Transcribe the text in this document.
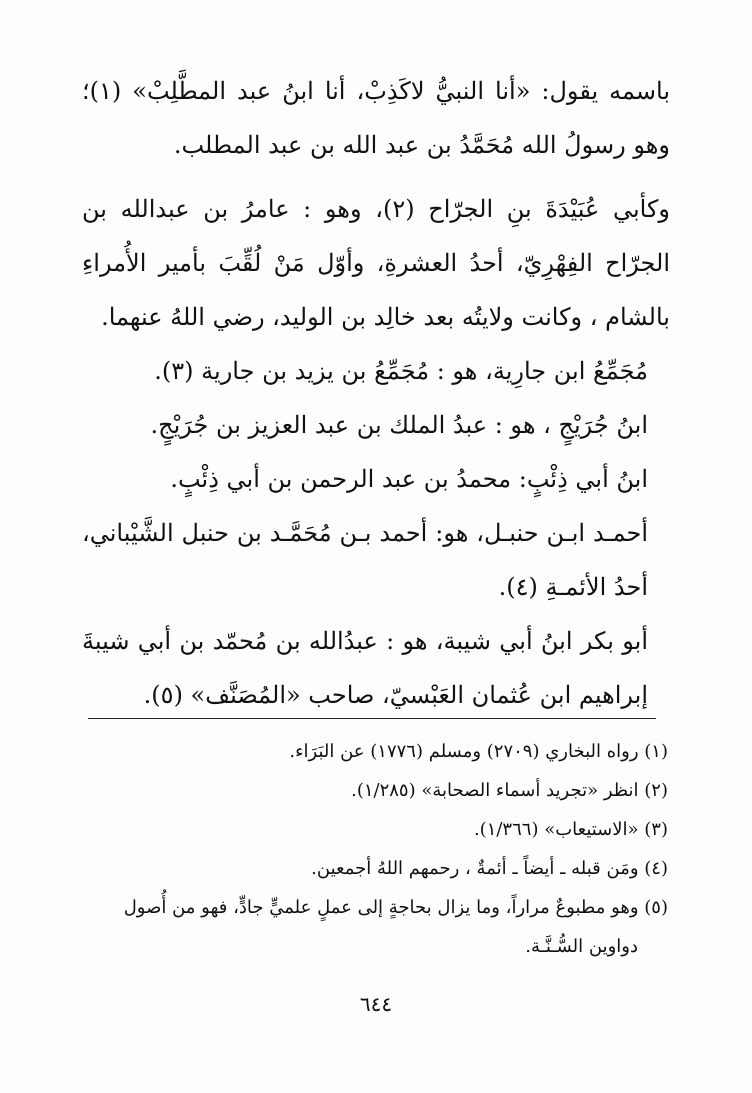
باسمه يقول: «أنا النبيُّ لاكَذِبْ، أنا ابنُ عبد المطَّلِبْ» (١)؛ وهو رسولُ الله مُحَمَّدُ بن عبد الله بن عبد المطلب.

وكأبي عُبَيْدَةَ بنِ الجرّاح (٢)، وهو : عامرُ بن عبدالله بن الجرّاح الفِهْرِيّ، أحدُ العشرةِ، وأوّل مَنْ لُقِّبَ بأمير الأُمراءِ بالشام ، وكانت ولايتُه بعد خالِد بن الوليد، رضي اللهُ عنهما.

مُجَمِّعُ ابن جارِية، هو : مُجَمِّعُ بن يزيد بن جارية (٣).

ابنُ جُرَيْجٍ ، هو : عبدُ الملك بن عبد العزيز بن جُرَيْجٍ.

ابنُ أبي ذِئْبٍ: محمدُ بن عبد الرحمن بن أبي ذِئْبٍ.

أحمـد ابـن حنبـل، هو: أحمد بـن مُحَمَّـد بن حنبل الشَّيْباني، أحدُ الأئمـةِ (٤).

أبو بكر ابنُ أبي شيبة، هو : عبدُالله بن مُحمّد بن أبي شيبةَ إبراهيم ابن عُثمان العَبْسيّ، صاحب «المُصَنَّف» (٥).

(١) رواه البخاري (٢٧٠٩) ومسلم (١٧٧٦) عن البَرَاء.

(٢) انظر «تجريد أسماء الصحابة» (١/٢٨٥).

(٣) «الاستيعاب» (١/٣٦٦).

(٤) ومَن قبله ـ أيضاً ـ أئمةٌ ، رحمهم اللهُ أجمعين.

(٥) وهو مطبوعٌ مراراً، وما يزال بحاجةٍ إلى عملٍ علميٍّ جادٍّ، فهو من أُصول

دواوين السُّـنَّـة.

٦٤٤
